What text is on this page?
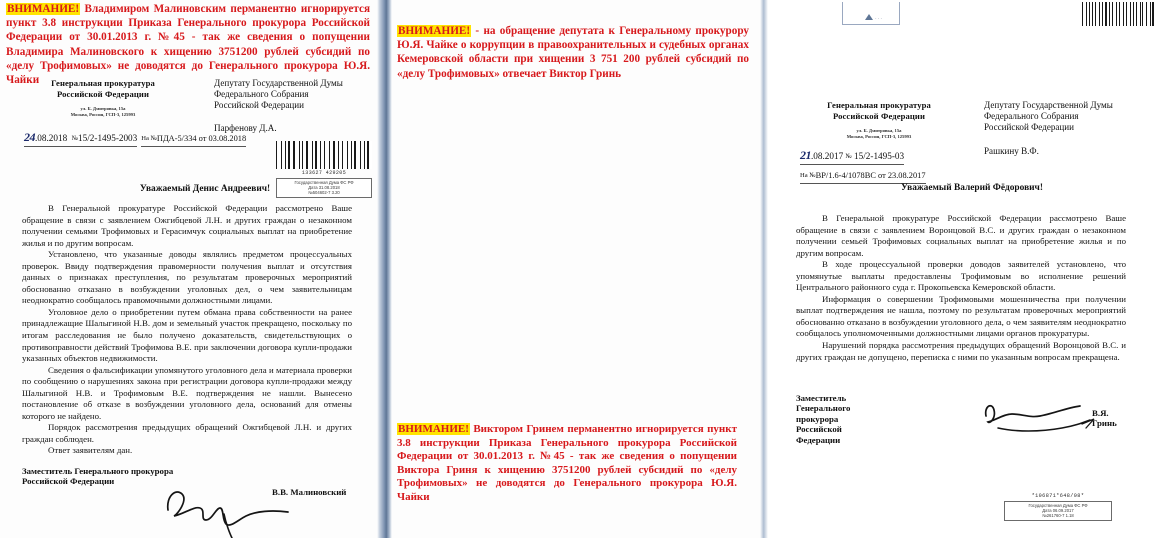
ВНИМАНИЕ! Владимиром Малиновским перманентно игнорируется пункт 3.8 инструкции Приказа Генерального прокурора Российской Федерации от 30.01.2013 г. №45 - так же сведения о попущении Владимира Малиновского к хищению 3751200 рублей субсидий по «делу Трофимовых» не доводятся до Генерального прокурора Ю.Я. Чайки	Генеральная прокуратура
Российской Федерации
ул. Б. Дмитровка, 15а
Москва, Россия, ГСП-3, 125993
Депутату Государственной Думы
Федерального Собрания
Российской Федерации
Парфенову Д.А.
24.08.2018 №15/2-1495-2003 На №ПДА-5/334 от 03.08.2018
133627 429205
Государственная Дума ФС РФ
Дата 31.08.2018
№504602-7 3.20
Уважаемый Денис Андреевич!

В Генеральной прокуратуре Российской Федерации рассмотрено Ваше обращение в связи с заявлением Ожгибцевой Л.Н. и других граждан о незаконном получении семьями Трофимовых и Герасимчук социальных выплат на приобретение жилья и по другим вопросам.

Установлено, что указанные доводы являлись предметом процессуальных проверок. Ввиду подтверждения правомерности получения выплат и отсутствия данных о признаках преступления, по результатам проверочных мероприятий обоснованно отказано в возбуждении уголовных дел, о чем заявительницам неоднократно сообщалось правомочными должностными лицами.

Уголовное дело о приобретении путем обмана права собственности на ранее принадлежащие Шалыгиной Н.В. дом и земельный участок прекращено, поскольку по итогам расследования не было получено доказательств, свидетельствующих о противоправности действий Трофимова В.Е. при заключении договора купли-продажи указанных объектов недвижимости.

Сведения о фальсификации упомянутого уголовного дела и материала проверки по сообщению о нарушениях закона при регистрации договора купли-продажи между Шалыгиной Н.В. и Трофимовым В.Е. подтверждения не нашли. Вынесено постановление об отказе в возбуждении уголовного дела, оснований для отмены которого не найдено.

Порядок рассмотрения предыдущих обращений Ожгибцевой Л.Н. и других граждан соблюден.

Ответ заявителям дан.

Заместитель Генерального прокурора
Российской Федерации
В.В. Малиновский
···
ВНИМАНИЕ! - на обращение депутата к Генеральному прокурору Ю.Я. Чайке о коррупции в правоохранительных и судебных органах Кемеровской области при хищении 3 751 200 рублей субсидий по «делу Трофимовых» отвечает Виктор Гринь
Генеральная прокуратура
Российской Федерации
ул. Б. Дмитровка, 15а
Москва, Россия, ГСП-3, 125993
Депутату Государственной Думы
Федерального Собрания
Российской Федерации
Рашкину В.Ф.
21.08.2017 № 15/2-1495-03 На №ВР/1.6-4/1078ВС от 23.08.2017
Уважаемый Валерий Фёдорович!

В Генеральной прокуратуре Российской Федерации рассмотрено Ваше обращение в связи с заявлением Воронцовой В.С. и других граждан о незаконном получении семьей Трофимовых социальных выплат на приобретение жилья и по другим вопросам.

В ходе процессуальной проверки доводов заявителей установлено, что упомянутые выплаты предоставлены Трофимовым во исполнение решений Центрального районного суда г. Прокопьевска Кемеровской области.

Информация о совершении Трофимовыми мошенничества при получении выплат подтверждения не нашла, поэтому по результатам проверочных мероприятий обоснованно отказано в возбуждении уголовного дела, о чем заявителям неоднократно сообщалось уполномоченными должностными лицами органов прокуратуры.

Нарушений порядка рассмотрения предыдущих обращений Воронцовой В.С. и других граждан не допущено, переписка с ними по указанным вопросам прекращена.

Заместитель Генерального прокурора
Российской Федерации
В.Я. Гринь
ВНИМАНИЕ! Виктором Гринем перманентно игнорируется пункт 3.8 инструкции Приказа Генерального прокурора Российской Федерации от 30.01.2013 г. №45 - так же сведения о попущении Виктора Гриня к хищению 3751200 рублей субсидий по «делу Трофимовых» не доводятся до Генерального прокурора Ю.Я. Чайки	*106871*648/08*
Государственная Дума ФС РФ
Дата 06.09.2017
№261760-7 1.18
